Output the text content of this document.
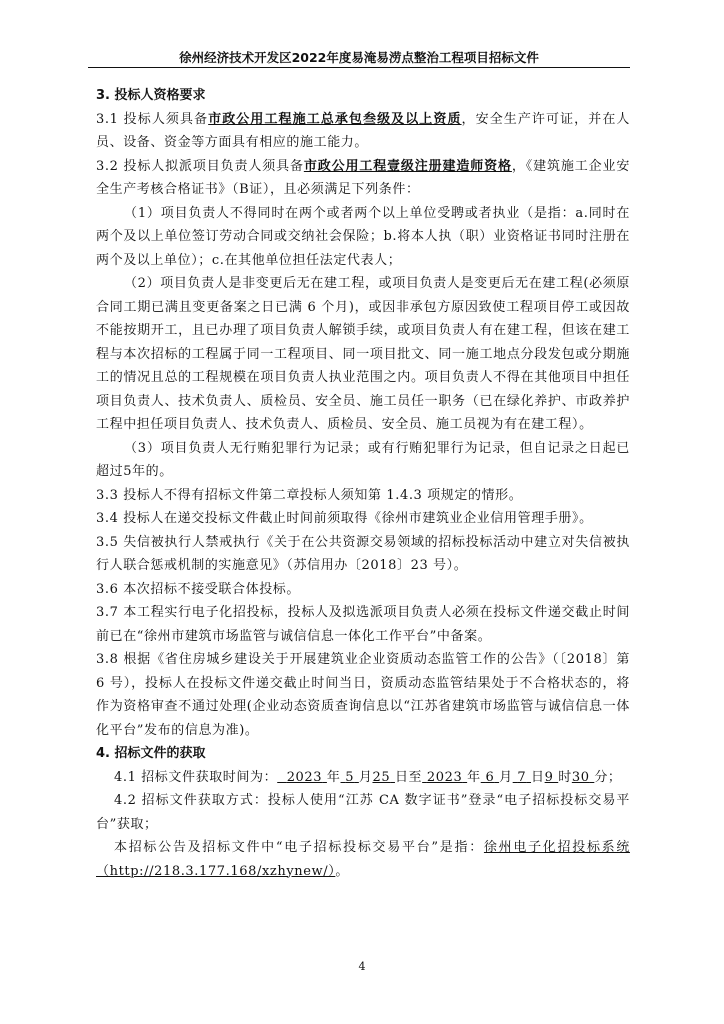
徐州经济技术开发区2022年度易淹易涝点整治工程项目招标文件

3. 投标人资格要求

3.1 投标人须具备市政公用工程施工总承包叁级及以上资质，安全生产许可证，并在人员、设备、资金等方面具有相应的施工能力。

3.2 投标人拟派项目负责人须具备市政公用工程壹级注册建造师资格，《建筑施工企业安全生产考核合格证书》（B证），且必须满足下列条件：

（1）项目负责人不得同时在两个或者两个以上单位受聘或者执业（是指：a.同时在两个及以上单位签订劳动合同或交纳社会保险；b.将本人执（职）业资格证书同时注册在两个及以上单位）；c.在其他单位担任法定代表人；

（2）项目负责人是非变更后无在建工程，或项目负责人是变更后无在建工程(必须原合同工期已满且变更备案之日已满 6 个月)，或因非承包方原因致使工程项目停工或因故不能按期开工，且已办理了项目负责人解锁手续，或项目负责人有在建工程，但该在建工程与本次招标的工程属于同一工程项目、同一项目批文、同一施工地点分段发包或分期施工的情况且总的工程规模在项目负责人执业范围之内。项目负责人不得在其他项目中担任项目负责人、技术负责人、质检员、安全员、施工员任一职务（已在绿化养护、市政养护工程中担任项目负责人、技术负责人、质检员、安全员、施工员视为有在建工程）。

（3）项目负责人无行贿犯罪行为记录；或有行贿犯罪行为记录，但自记录之日起已超过5年的。

3.3 投标人不得有招标文件第二章投标人须知第 1.4.3 项规定的情形。

3.4 投标人在递交投标文件截止时间前须取得《徐州市建筑业企业信用管理手册》。

3.5 失信被执行人禁戒执行《关于在公共资源交易领域的招标投标活动中建立对失信被执行人联合惩戒机制的实施意见》（苏信用办〔2018〕23 号）。

3.6 本次招标不接受联合体投标。

3.7 本工程实行电子化招投标，投标人及拟选派项目负责人必须在投标文件递交截止时间前已在“徐州市建筑市场监管与诚信信息一体化工作平台”中备案。

3.8 根据《省住房城乡建设关于开展建筑业企业资质动态监管工作的公告》（〔2018〕第 6 号），投标人在投标文件递交截止时间当日，资质动态监管结果处于不合格状态的，将作为资格审查不通过处理(企业动态资质查询信息以“江苏省建筑市场监管与诚信信息一体化平台”发布的信息为准)。

4. 招标文件的获取

4.1 招标文件获取时间为： 2023 年 5 月25 日至 2023 年 6 月 7 日9 时30 分；

4.2 招标文件获取方式：投标人使用“江苏 CA 数字证书”登录“电子招标投标交易平台”获取；

本招标公告及招标文件中“电子招标投标交易平台”是指：徐州电子化招投标系统（http://218.3.177.168/xzhynew/）。

4
